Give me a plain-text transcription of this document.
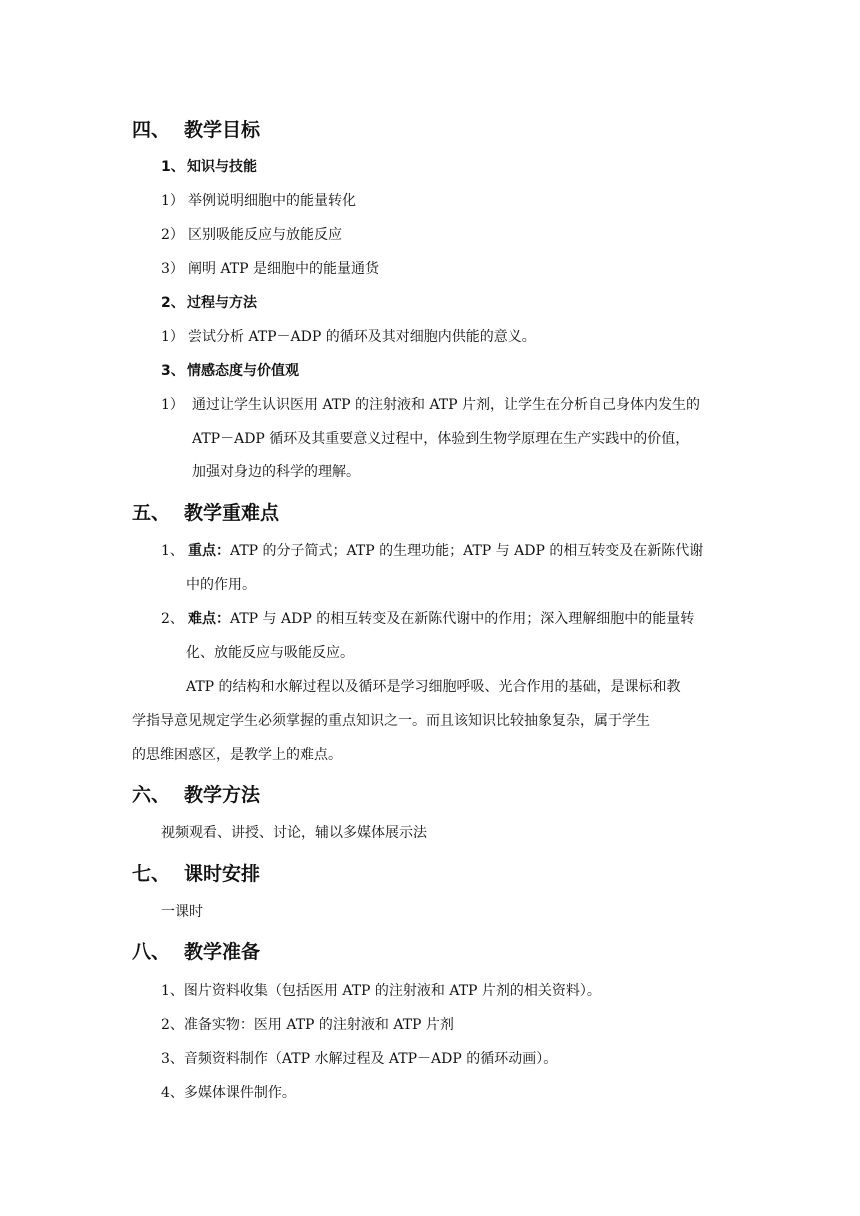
四、 教学目标
1、 知识与技能
1） 举例说明细胞中的能量转化
2） 区别吸能反应与放能反应
3） 阐明 ATP 是细胞中的能量通货
2、 过程与方法
1） 尝试分析 ATP－ADP 的循环及其对细胞内供能的意义。
3、 情感态度与价值观
1） 通过让学生认识医用 ATP 的注射液和 ATP 片剂，让学生在分析自己身体内发生的
ATP－ADP 循环及其重要意义过程中，体验到生物学原理在生产实践中的价值，
加强对身边的科学的理解。
五、 教学重难点
1、 重点：ATP 的分子简式；ATP 的生理功能；ATP 与 ADP 的相互转变及在新陈代谢
中的作用。
2、 难点：ATP 与 ADP 的相互转变及在新陈代谢中的作用；深入理解细胞中的能量转
化、放能反应与吸能反应。
ATP 的结构和水解过程以及循环是学习细胞呼吸、光合作用的基础，是课标和教
学指导意见规定学生必须掌握的重点知识之一。而且该知识比较抽象复杂，属于学生
的思维困惑区，是教学上的难点。
六、 教学方法
视频观看、讲授、讨论，辅以多媒体展示法
七、 课时安排
一课时
八、 教学准备
1、图片资料收集（包括医用 ATP 的注射液和 ATP 片剂的相关资料）。
2、准备实物：医用 ATP 的注射液和 ATP 片剂
3、音频资料制作（ATP 水解过程及 ATP－ADP 的循环动画）。
4、多媒体课件制作。
